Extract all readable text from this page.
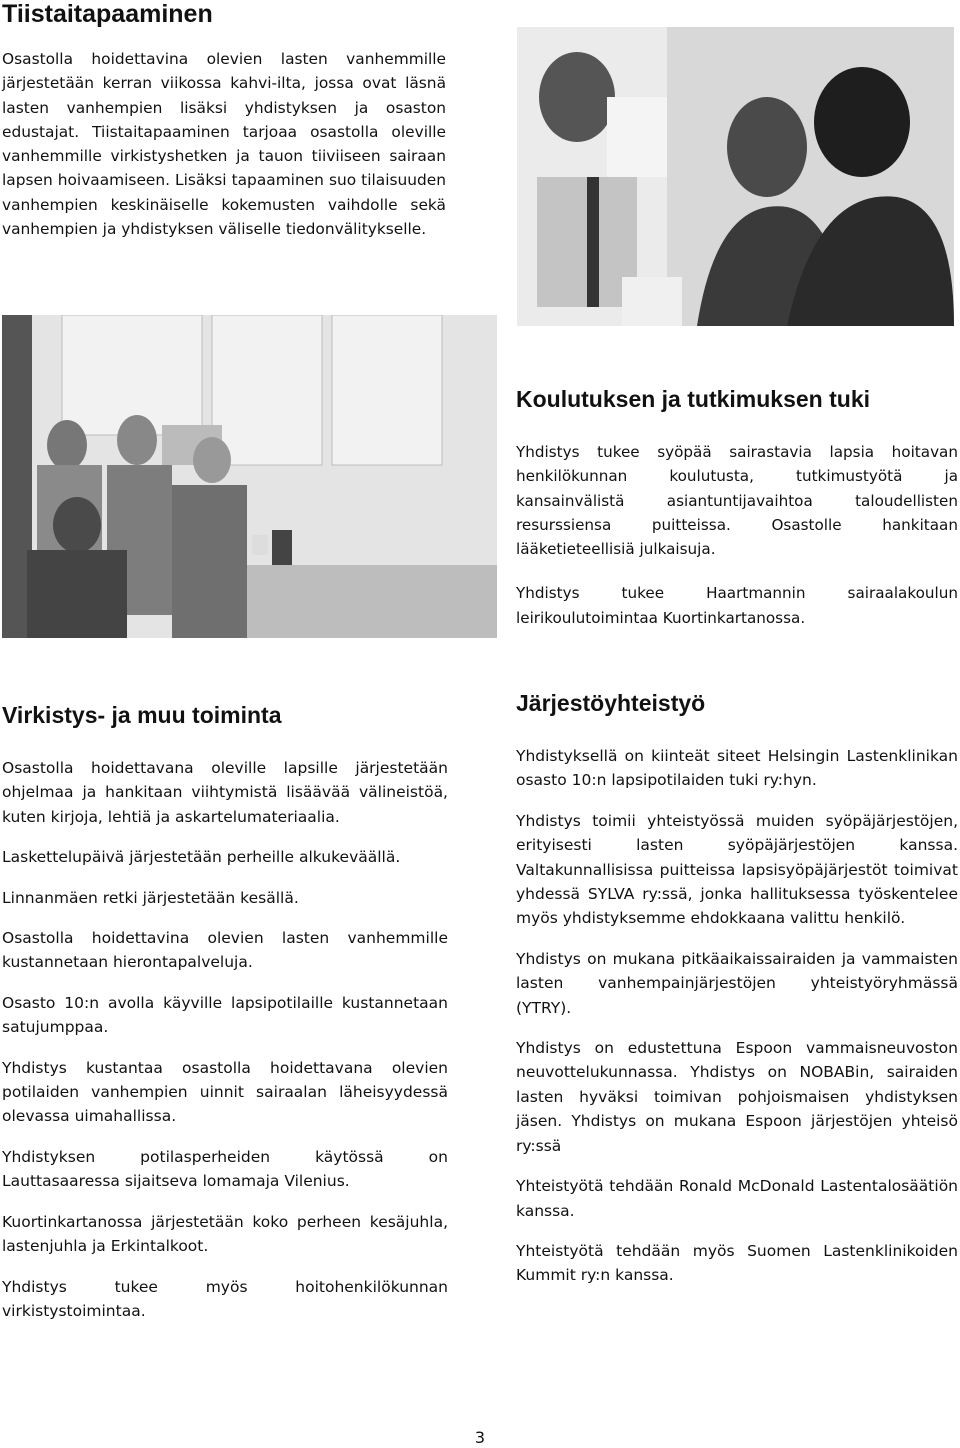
Tiistaitapaaminen

Osastolla hoidettavina olevien lasten vanhemmille järjestetään kerran viikossa kahvi-ilta, jossa ovat läsnä lasten vanhempien lisäksi yhdistyksen ja osaston edustajat. Tiistaitapaaminen tarjoaa osastolla oleville vanhemmille virkistyshetken ja tauon tiiviiseen sairaan lapsen hoivaamiseen. Lisäksi tapaaminen suo tilaisuuden vanhempien keskinäiselle kokemusten vaihdolle sekä vanhempien ja yhdistyksen väliselle tiedonvälitykselle.

Koulutuksen ja tutkimuksen tuki

Yhdistys tukee syöpää sairastavia lapsia hoitavan henkilökunnan koulutusta, tutkimustyötä ja kansainvälistä asiantuntijavaihtoa taloudellisten resurssiensa puitteissa. Osastolle hankitaan lääketieteellisiä julkaisuja.

Yhdistys tukee Haartmannin sairaalakoulun leirikoulutoimintaa Kuortinkartanossa.

Virkistys- ja muu toiminta

Osastolla hoidettavana oleville lapsille järjestetään ohjelmaa ja hankitaan viihtymistä lisäävää välineistöä, kuten kirjoja, lehtiä ja askartelumateriaalia.

Laskettelupäivä järjestetään perheille alkukeväällä.

Linnanmäen retki järjestetään kesällä.

Osastolla hoidettavina olevien lasten vanhemmille kustannetaan hierontapalveluja.

Osasto 10:n avolla käyville lapsipotilaille kustannetaan satujumppaa.

Yhdistys kustantaa osastolla hoidettavana olevien potilaiden vanhempien uinnit sairaalan läheisyydessä olevassa uimahallissa.

Yhdistyksen potilasperheiden käytössä on Lauttasaaressa sijaitseva lomamaja Vilenius.

Kuortinkartanossa järjestetään koko perheen kesäjuhla, lastenjuhla ja Erkintalkoot.

Yhdistys tukee myös hoitohenkilökunnan virkistystoimintaa.

Järjestöyhteistyö

Yhdistyksellä on kiinteät siteet Helsingin Lastenklinikan osasto 10:n lapsipotilaiden tuki ry:hyn.

Yhdistys toimii yhteistyössä muiden syöpäjärjestöjen, erityisesti lasten syöpäjärjestöjen kanssa. Valtakunnallisissa puitteissa lapsisyöpäjärjestöt toimivat yhdessä SYLVA ry:ssä, jonka hallituksessa työskentelee myös yhdistyksemme ehdokkaana valittu henkilö.

Yhdistys on mukana pitkäaikaissairaiden ja vammaisten lasten vanhempainjärjestöjen yhteistyöryhmässä (YTRY).

Yhdistys on edustettuna Espoon vammaisneuvoston neuvottelukunnassa. Yhdistys on NOBABin, sairaiden lasten hyväksi toimivan pohjoismaisen yhdistyksen jäsen. Yhdistys on mukana Espoon järjestöjen yhteisö ry:ssä

Yhteistyötä tehdään Ronald McDonald Lastentalosäätiön kanssa.

Yhteistyötä tehdään myös Suomen Lastenklinikoiden Kummit ry:n kanssa.

3
